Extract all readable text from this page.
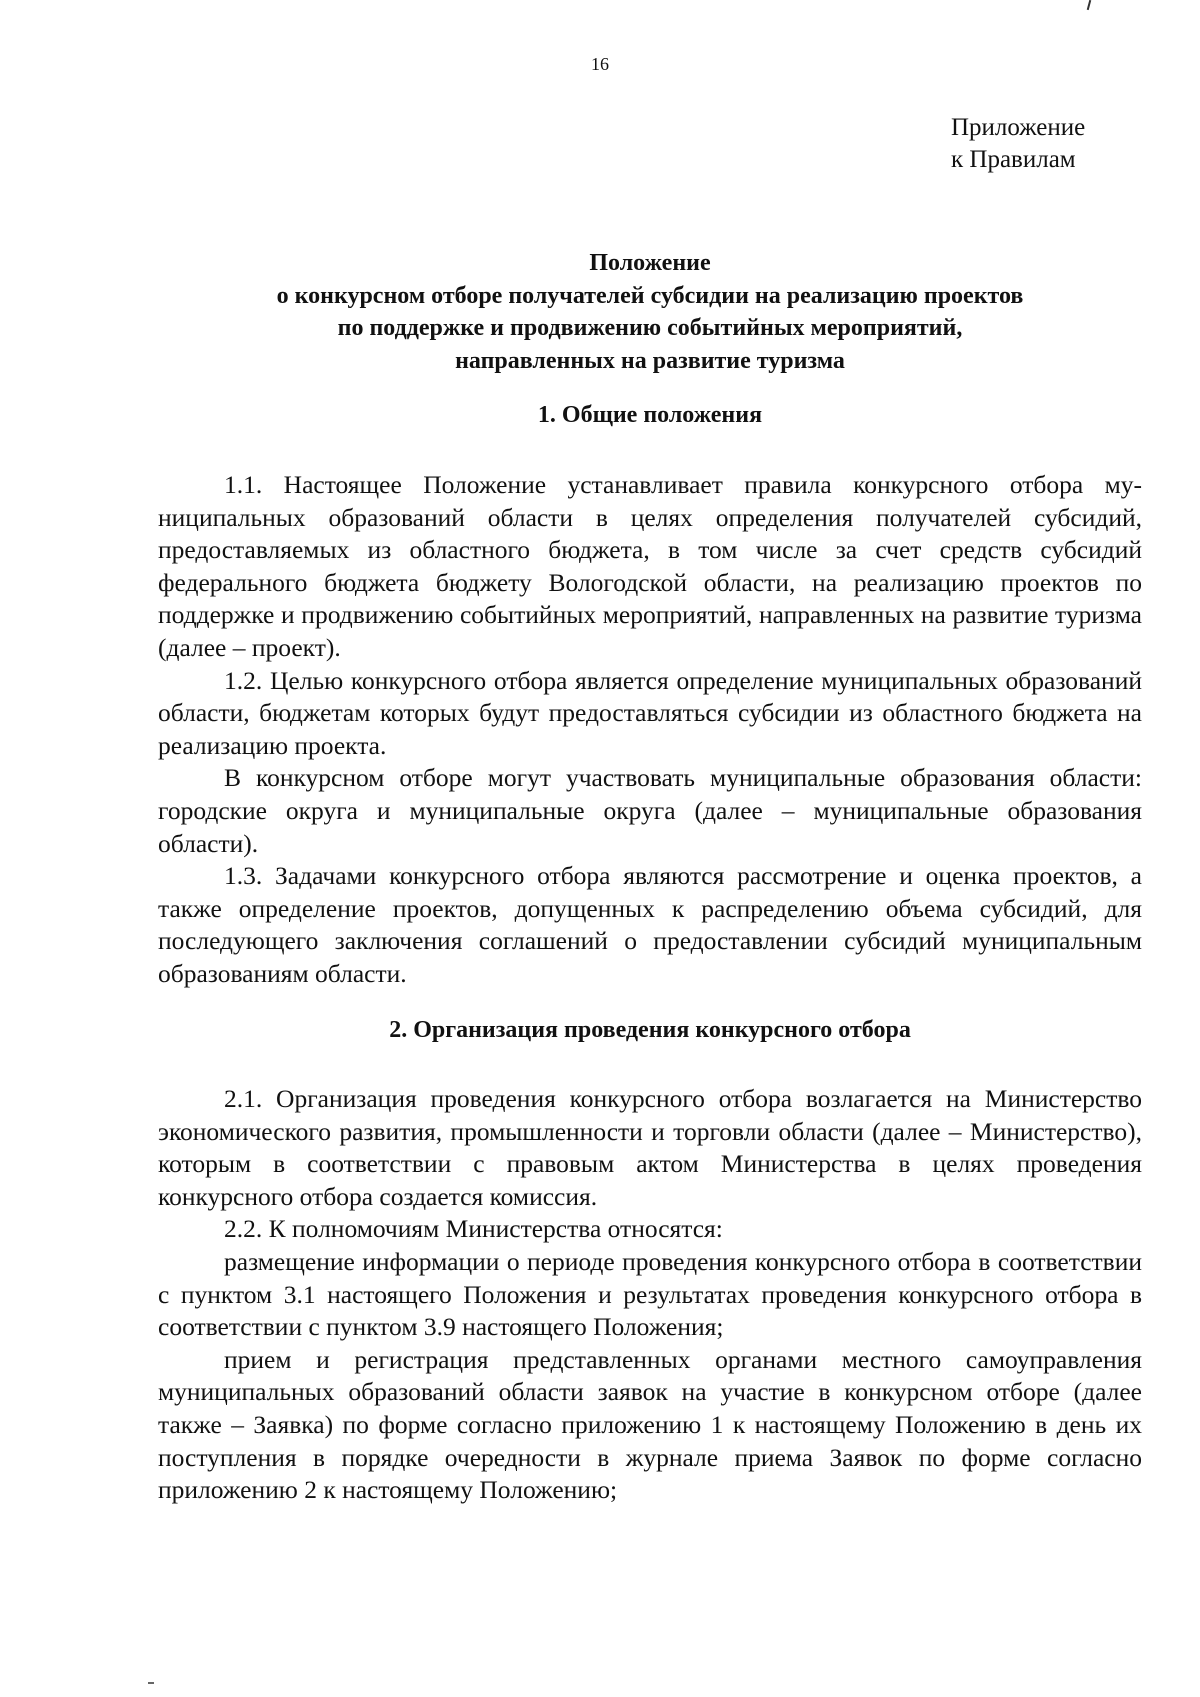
16
Приложение
к Правилам
Положение
о конкурсном отборе получателей субсидии на реализацию проектов
по поддержке и продвижению событийных мероприятий,
направленных на развитие туризма
1. Общие положения

1.1. Настоящее Положение устанавливает правила конкурсного отбора муниципальных образований области в целях определения получателей субсидий, предоставляемых из областного бюджета, в том числе за счет средств субсидий федерального бюджета бюджету Вологодской области, на реализацию проектов по поддержке и продвижению событийных мероприятий, направленных на развитие туризма (далее – проект).

1.2. Целью конкурсного отбора является определение муниципальных образований области, бюджетам которых будут предоставляться субсидии из областного бюджета на реализацию проекта.

В конкурсном отборе могут участвовать муниципальные образования области: городские округа и муниципальные округа (далее – муниципальные образования области).

1.3. Задачами конкурсного отбора являются рассмотрение и оценка проектов, а также определение проектов, допущенных к распределению объема субсидий, для последующего заключения соглашений о предоставлении субсидий муниципальным образованиям области.

2. Организация проведения конкурсного отбора

2.1. Организация проведения конкурсного отбора возлагается на Министерство экономического развития, промышленности и торговли области (далее – Министерство), которым в соответствии с правовым актом Министерства в целях проведения конкурсного отбора создается комиссия.

2.2. К полномочиям Министерства относятся:

размещение информации о периоде проведения конкурсного отбора в соответствии с пунктом 3.1 настоящего Положения и результатах проведения конкурсного отбора в соответствии с пунктом 3.9 настоящего Положения;

прием и регистрация представленных органами местного самоуправления муниципальных образований области заявок на участие в конкурсном отборе (далее также – Заявка) по форме согласно приложению 1 к настоящему Положению в день их поступления в порядке очередности в журнале приема Заявок по форме согласно приложению 2 к настоящему Положению;
